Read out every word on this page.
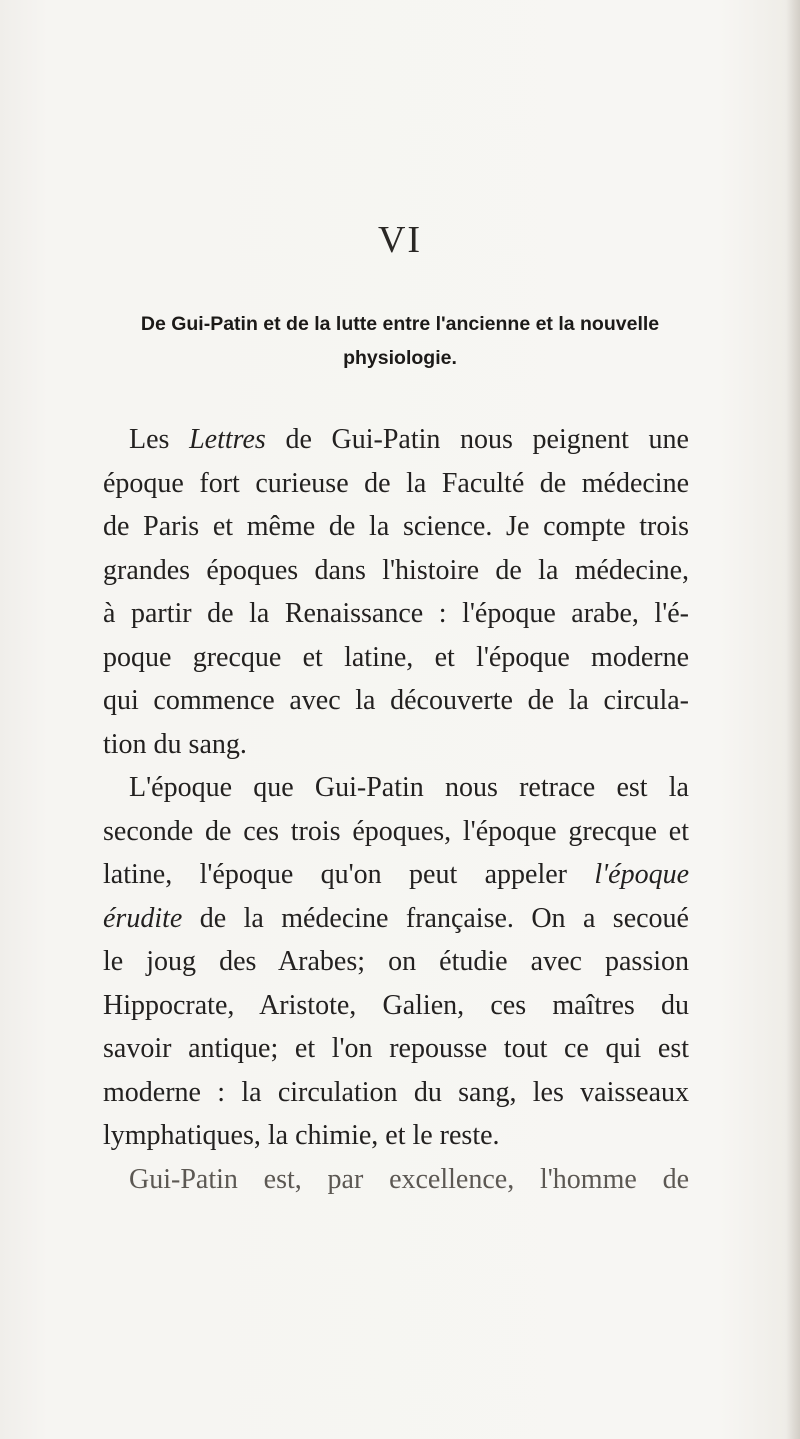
VI
De Gui-Patin et de la lutte entre l'ancienne et la nouvelle
physiologie.
Les Lettres de Gui-Patin nous peignent une
époque fort curieuse de la Faculté de médecine
de Paris et même de la science. Je compte trois
grandes époques dans l'histoire de la médecine,
à partir de la Renaissance : l'époque arabe, l'é-
poque grecque et latine, et l'époque moderne
qui commence avec la découverte de la circula-
tion du sang.
L'époque que Gui-Patin nous retrace est la
seconde de ces trois époques, l'époque grecque et
latine, l'époque qu'on peut appeler l'époque
érudite de la médecine française. On a secoué
le joug des Arabes; on étudie avec passion
Hippocrate, Aristote, Galien, ces maîtres du
savoir antique; et l'on repousse tout ce qui est
moderne : la circulation du sang, les vaisseaux
lymphatiques, la chimie, et le reste.
Gui-Patin est, par excellence, l'homme de
